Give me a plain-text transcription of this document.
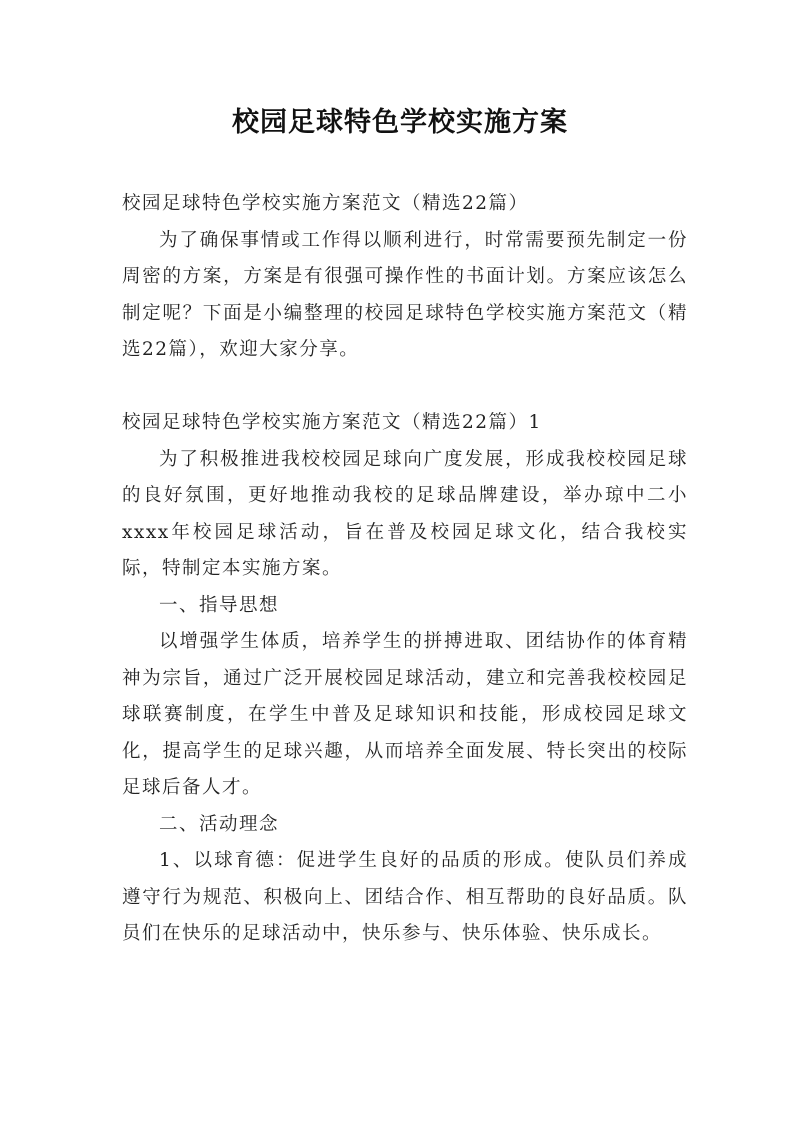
校园足球特色学校实施方案

校园足球特色学校实施方案范文（精选22篇）

为了确保事情或工作得以顺利进行，时常需要预先制定一份周密的方案，方案是有很强可操作性的书面计划。方案应该怎么制定呢？下面是小编整理的校园足球特色学校实施方案范文（精选22篇），欢迎大家分享。

校园足球特色学校实施方案范文（精选22篇）1

为了积极推进我校校园足球向广度发展，形成我校校园足球的良好氛围，更好地推动我校的足球品牌建设，举办琼中二小xxxx年校园足球活动，旨在普及校园足球文化，结合我校实际，特制定本实施方案。

一、指导思想

以增强学生体质，培养学生的拼搏进取、团结协作的体育精神为宗旨，通过广泛开展校园足球活动，建立和完善我校校园足球联赛制度，在学生中普及足球知识和技能，形成校园足球文化，提高学生的足球兴趣，从而培养全面发展、特长突出的校际足球后备人才。

二、活动理念

1、以球育德：促进学生良好的品质的形成。使队员们养成遵守行为规范、积极向上、团结合作、相互帮助的良好品质。队员们在快乐的足球活动中，快乐参与、快乐体验、快乐成长。
